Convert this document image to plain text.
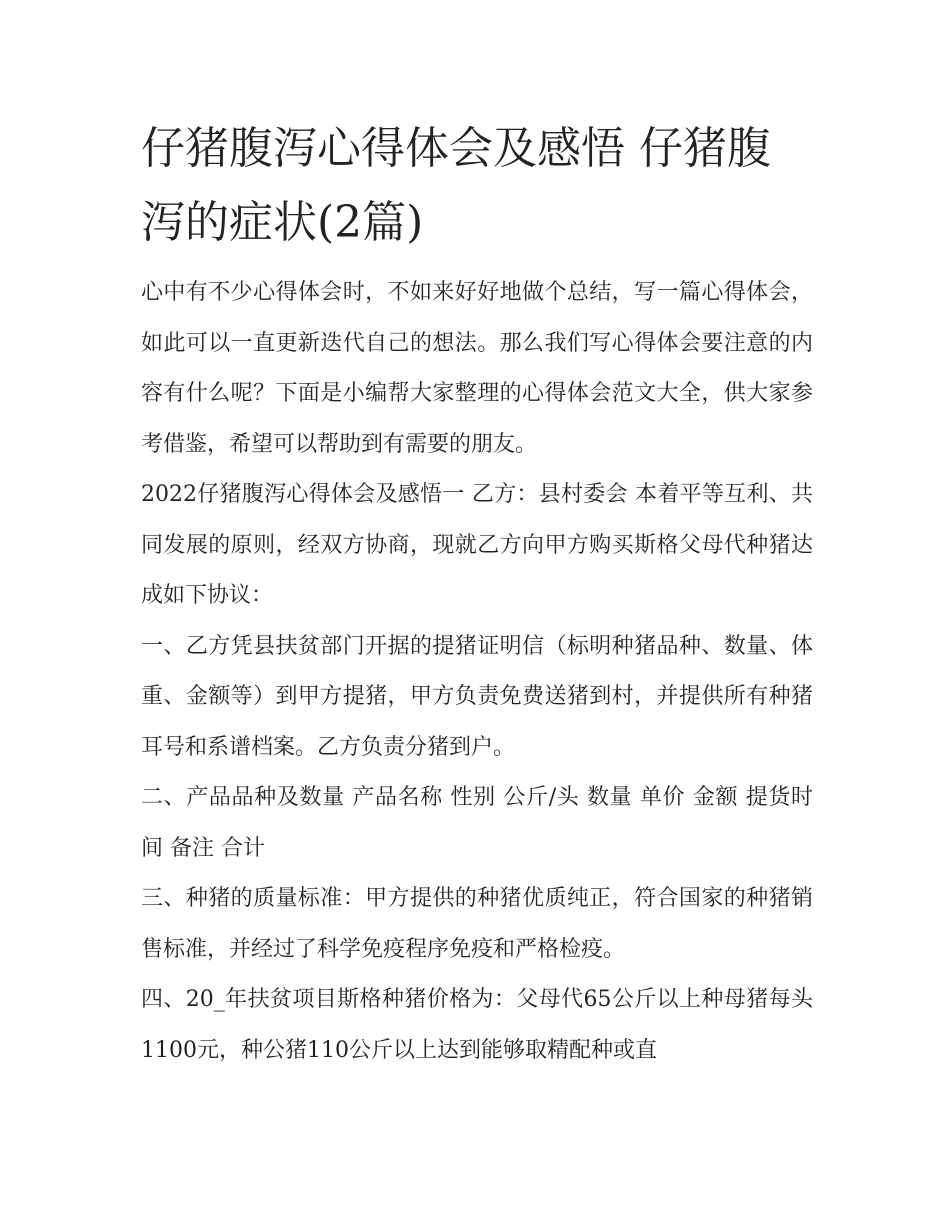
仔猪腹泻心得体会及感悟 仔猪腹泻的症状(2篇)

心中有不少心得体会时，不如来好好地做个总结，写一篇心得体会，如此可以一直更新迭代自己的想法。那么我们写心得体会要注意的内容有什么呢？下面是小编帮大家整理的心得体会范文大全，供大家参考借鉴，希望可以帮助到有需要的朋友。

2022仔猪腹泻心得体会及感悟一 乙方：县村委会 本着平等互利、共同发展的原则，经双方协商，现就乙方向甲方购买斯格父母代种猪达成如下协议：

一、乙方凭县扶贫部门开据的提猪证明信（标明种猪品种、数量、体重、金额等）到甲方提猪，甲方负责免费送猪到村，并提供所有种猪耳号和系谱档案。乙方负责分猪到户。

二、产品品种及数量 产品名称 性别 公斤/头 数量 单价 金额 提货时间 备注 合计

三、种猪的质量标准：甲方提供的种猪优质纯正，符合国家的种猪销售标准，并经过了科学免疫程序免疫和严格检疫。

四、20_年扶贫项目斯格种猪价格为：父母代65公斤以上种母猪每头1100元，种公猪110公斤以上达到能够取精配种或直
